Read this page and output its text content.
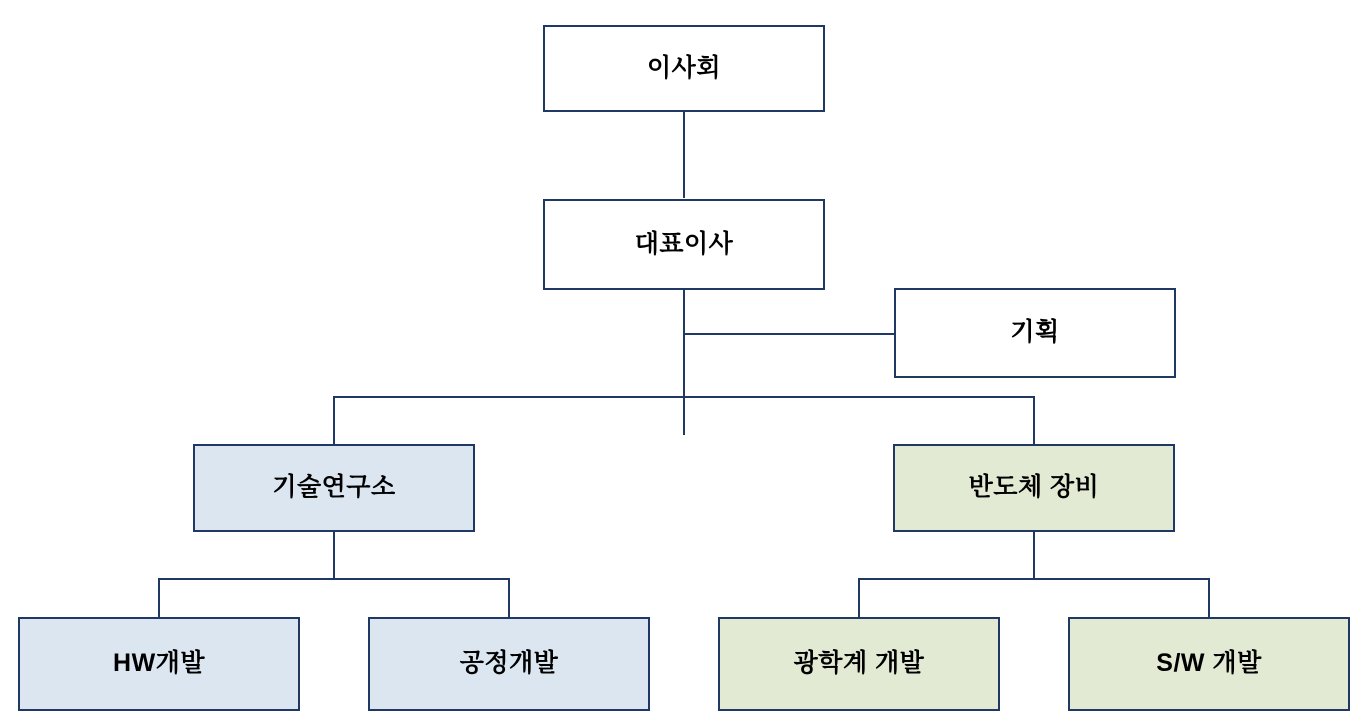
이사회
대표이사
기획
기술연구소	반도체 장비
HW개발	공정개발	광학계 개발	S/W 개발
